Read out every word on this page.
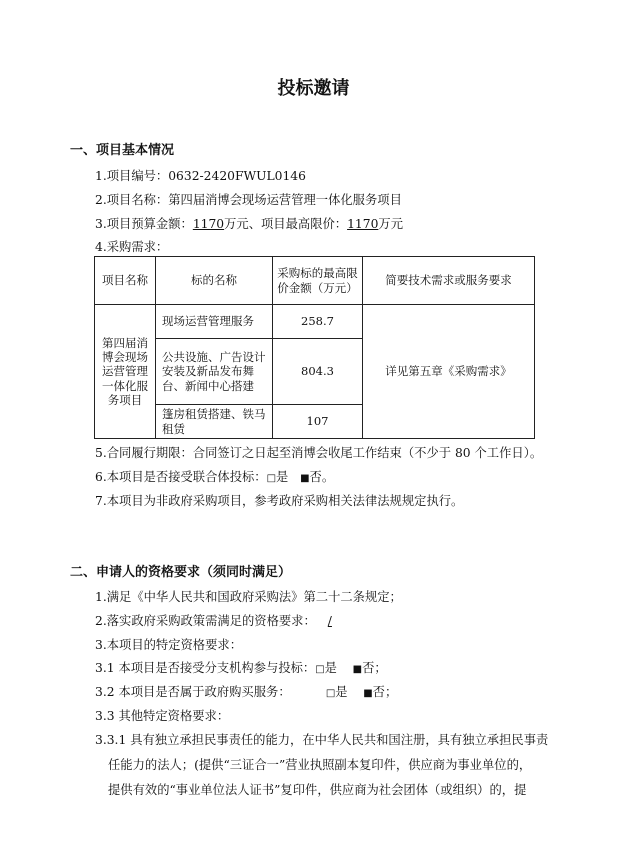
投标邀请
一、项目基本情况
1.项目编号：0632-2420FWUL0146
2.项目名称：第四届消博会现场运营管理一体化服务项目
3.项目预算金额：1170万元、项目最高限价：1170万元
4.采购需求：
项目名称	标的名称	采购标的最高限价金额（万元）	简要技术需求或服务要求
第四届消博会现场运营管理一体化服务项目	现场运营管理服务	258.7	详见第五章《采购需求》
	公共设施、广告设计安装及新品发布舞台、新闻中心搭建	804.3	
	篷房租赁搭建、铁马租赁	107	
5.合同履行期限：合同签订之日起至消博会收尾工作结束（不少于 80 个工作日）。
6.本项目是否接受联合体投标：□是 ■否。
7.本项目为非政府采购项目，参考政府采购相关法律法规规定执行。
二、申请人的资格要求（须同时满足）
1.满足《中华人民共和国政府采购法》第二十二条规定；
2.落实政府采购政策需满足的资格要求： /
3.本项目的特定资格要求：
3.1 本项目是否接受分支机构参与投标：□是 ■否；
3.2 本项目是否属于政府购买服务：	□是 ■否；
3.3 其他特定资格要求：
3.3.1 具有独立承担民事责任的能力，在中华人民共和国注册，具有独立承担民事责
任能力的法人；(提供“三证合一”营业执照副本复印件，供应商为事业单位的，
提供有效的“事业单位法人证书”复印件，供应商为社会团体（或组织）的，提
